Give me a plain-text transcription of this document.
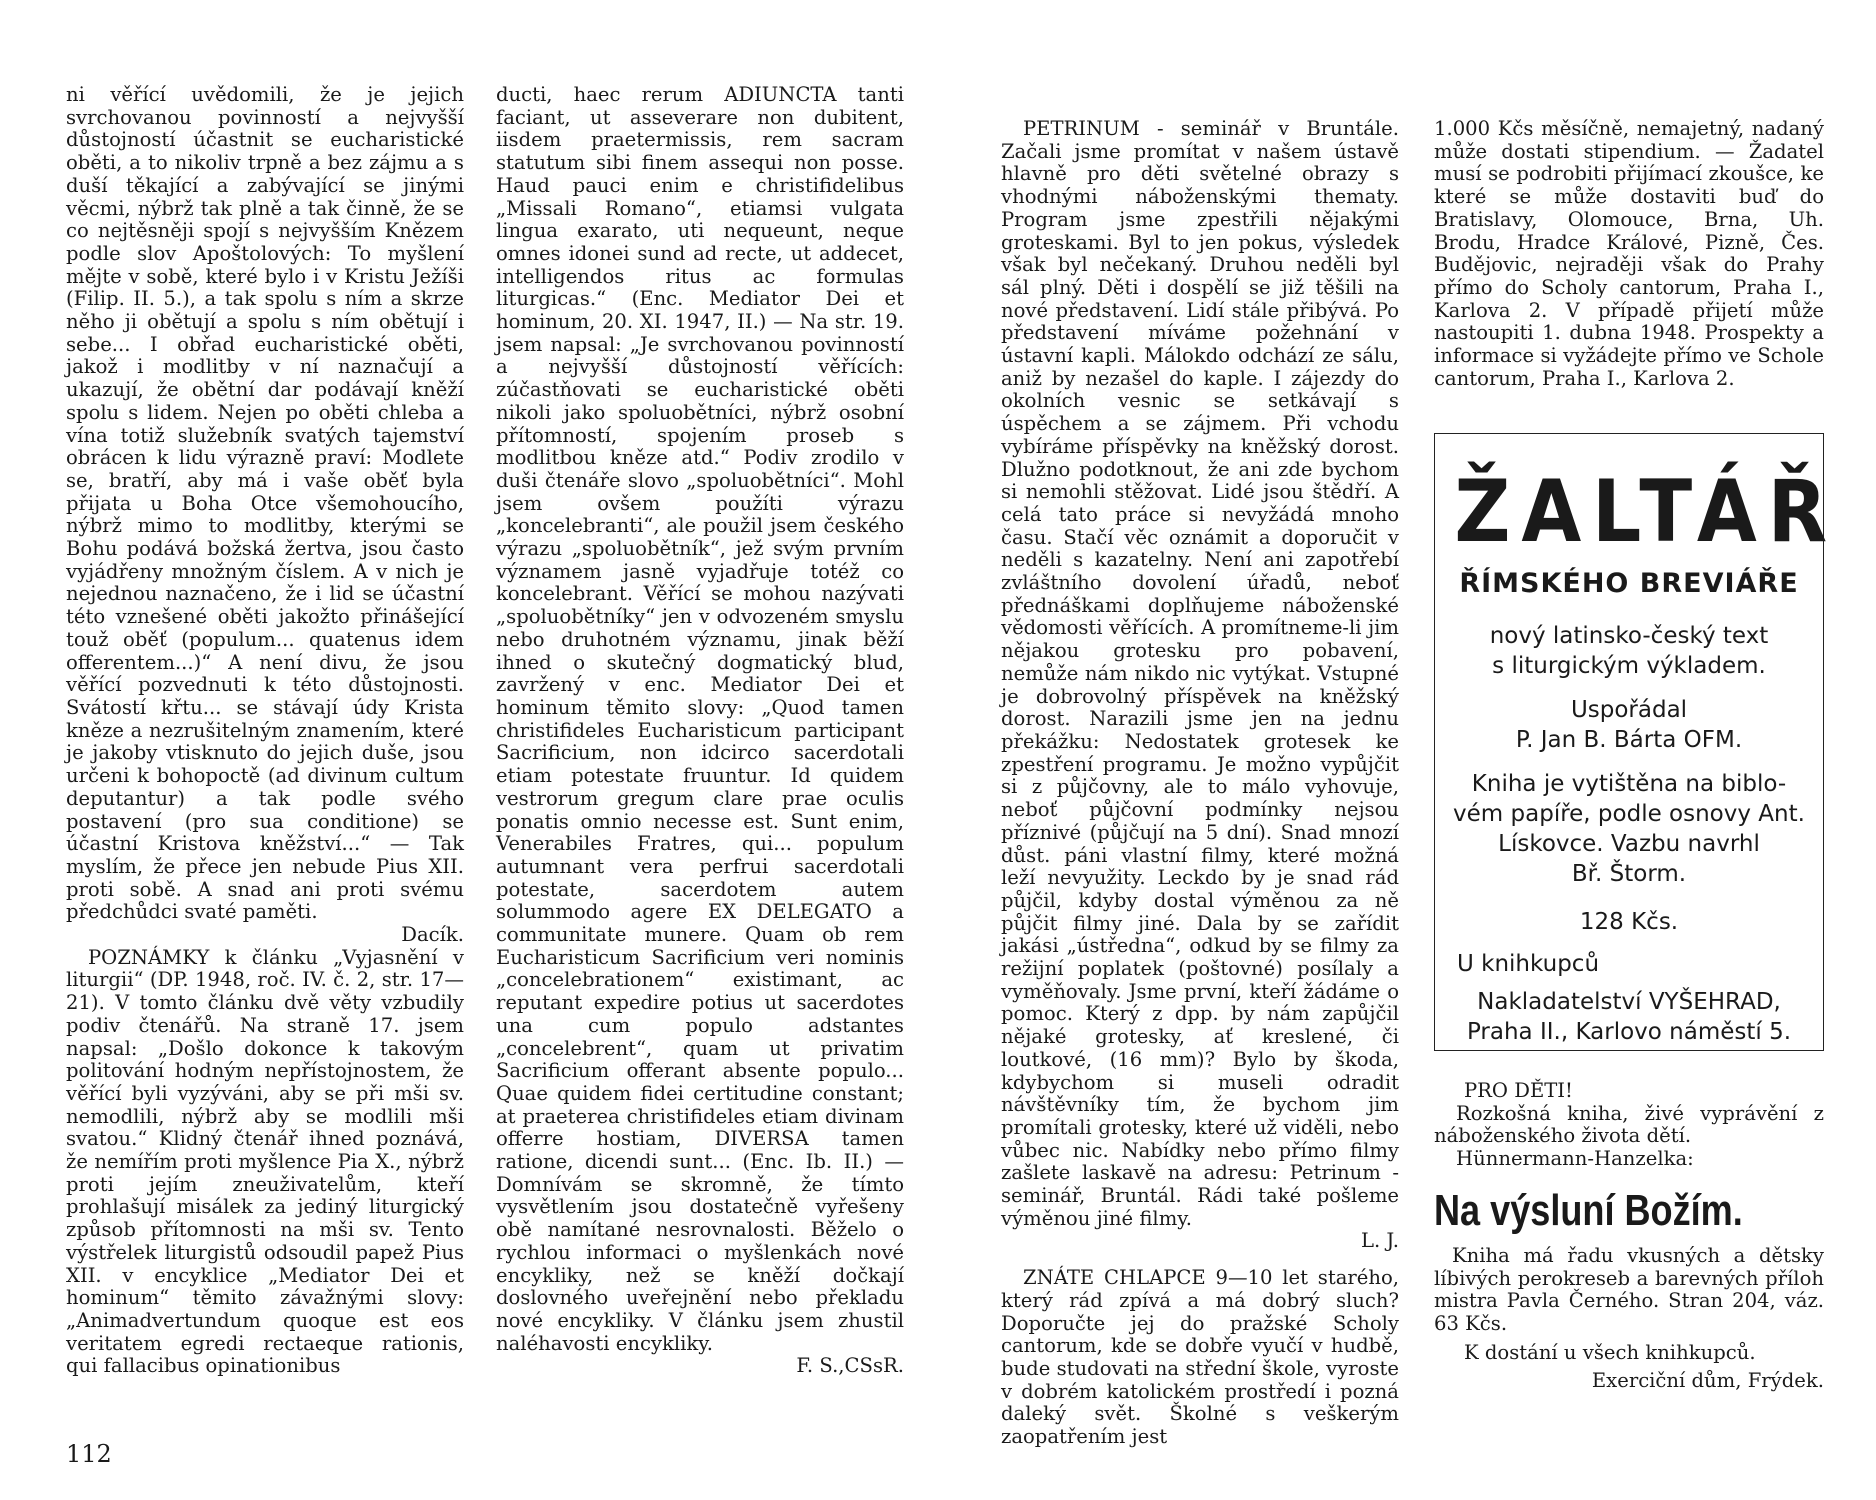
ni věřící uvědomili, že je jejich svrchovanou povinností a nejvyšší důstojností účastnit se eucharistické oběti, a to nikoliv trpně a bez zájmu a s duší těkající a zabývající se jinými věcmi, nýbrž tak plně a tak činně, že se co nejtěsněji spojí s nejvyšším Knězem podle slov Apoštolových: To myšlení mějte v sobě, které bylo i v Kristu Ježíši (Filip. II. 5.), a tak spolu s ním a skrze něho ji obětují a spolu s ním obětují i sebe... I obřad eucharistické oběti, jakož i modlitby v ní naznačují a ukazují, že obětní dar podávají kněží spolu s lidem. Nejen po oběti chleba a vína totiž služebník svatých tajemství obrácen k lidu výrazně praví: Modlete se, bratří, aby má i vaše oběť byla přijata u Boha Otce všemohoucího, nýbrž mimo to modlitby, kterými se Bohu podává božská žertva, jsou často vyjádřeny množným číslem. A v nich je nejednou naznačeno, že i lid se účastní této vznešené oběti jakožto přinášející touž oběť (populum... quatenus idem offerentem...)“ A není divu, že jsou věřící pozvednuti k této důstojnosti. Svátostí křtu... se stávají údy Krista kněze a nezrušitelným znamením, které je jakoby vtisknuto do jejich duše, jsou určeni k bohopoctě (ad divinum cultum deputantur) a tak podle svého postavení (pro sua conditione) se účastní Kristova kněžství...“ — Tak myslím, že přece jen nebude Pius XII. proti sobě. A snad ani proti svému předchůdci svaté paměti.

Dacík.

POZNÁMKY k článku „Vyjasnění v liturgii“ (DP. 1948, roč. IV. č. 2, str. 17—21). V tomto článku dvě věty vzbudily podiv čtenářů. Na straně 17. jsem napsal: „Došlo dokonce k takovým politování hodným nepřístojnostem, že věřící byli vyzýváni, aby se při mši sv. nemodlili, nýbrž aby se modlili mši svatou.“ Klidný čtenář ihned poznává, že nemířím proti myšlence Pia X., nýbrž proti jejím zneuživatelům, kteří prohlašují misálek za jediný liturgický způsob přítomnosti na mši sv. Tento výstřelek liturgistů odsoudil papež Pius XII. v encyklice „Mediator Dei et hominum“ těmito závažnými slovy: „Animadvertundum quoque est eos veritatem egredi rectaeque rationis, qui fallacibus opinationibus

ducti, haec rerum ADIUNCTA tanti faciant, ut asseverare non dubitent, iisdem praetermissis, rem sacram statutum sibi finem assequi non posse. Haud pauci enim e christifidelibus „Missali Romano“, etiamsi vulgata lingua exarato, uti nequeunt, neque omnes idonei sund ad recte, ut addecet, intelligendos ritus ac formulas liturgicas.“ (Enc. Mediator Dei et hominum, 20. XI. 1947, II.) — Na str. 19. jsem napsal: „Je svrchovanou povinností a nejvyšší důstojností věřících: zúčastňovati se eucharistické oběti nikoli jako spoluobětníci, nýbrž osobní přítomností, spojením proseb s modlitbou kněze atd.“ Podiv zrodilo v duši čtenáře slovo „spoluobětníci“. Mohl jsem ovšem použíti výrazu „koncelebranti“, ale použil jsem českého výrazu „spoluobětník“, jež svým prvním významem jasně vyjadřuje totéž co koncelebrant. Věřící se mohou nazývati „spoluobětníky“ jen v odvozeném smyslu nebo druhotném významu, jinak běží ihned o skutečný dogmatický blud, zavržený v enc. Mediator Dei et hominum těmito slovy: „Quod tamen christifideles Eucharisticum participant Sacrificium, non idcirco sacerdotali etiam potestate fruuntur. Id quidem vestrorum gregum clare prae oculis ponatis omnio necesse est. Sunt enim, Venerabiles Fratres, qui... populum autumnant vera perfrui sacerdotali potestate, sacerdotem autem solummodo agere EX DELEGATO a communitate munere. Quam ob rem Eucharisticum Sacrificium veri nominis „concelebrationem“ existimant, ac reputant expedire potius ut sacerdotes una cum populo adstantes „concelebrent“, quam ut privatim Sacrificium offerant absente populo... Quae quidem fidei certitudine constant; at praeterea christifideles etiam divinam offerre hostiam, DIVERSA tamen ratione, dicendi sunt... (Enc. Ib. II.) — Domnívám se skromně, že tímto vysvětlením jsou dostatečně vyřešeny obě namítané nesrovnalosti. Běželo o rychlou informaci o myšlenkách nové encykliky, než se kněží dočkají doslovného uveřejnění nebo překladu nové encykliky. V článku jsem zhustil naléhavosti encykliky.

F. S.,CSsR.

PETRINUM - seminář v Bruntále. Začali jsme promítat v našem ústavě hlavně pro děti světelné obrazy s vhodnými náboženskými thematy. Program jsme zpestřili nějakými groteskami. Byl to jen pokus, výsledek však byl nečekaný. Druhou neděli byl sál plný. Děti i dospělí se již těšili na nové představení. Lidí stále přibývá. Po představení míváme požehnání v ústavní kapli. Málokdo odchází ze sálu, aniž by nezašel do kaple. I zájezdy do okolních vesnic se setkávají s úspěchem a se zájmem. Při vchodu vybíráme příspěvky na kněžský dorost. Dlužno podotknout, že ani zde bychom si nemohli stěžovat. Lidé jsou štědří. A celá tato práce si nevyžádá mnoho času. Stačí věc oznámit a doporučit v neděli s kazatelny. Není ani zapotřebí zvláštního dovolení úřadů, neboť přednáškami doplňujeme náboženské vědomosti věřících. A promítneme-li jim nějakou grotesku pro pobavení, nemůže nám nikdo nic vytýkat. Vstupné je dobrovolný příspěvek na kněžský dorost. Narazili jsme jen na jednu překážku: Nedostatek grotesek ke zpestření programu. Je možno vypůjčit si z půjčovny, ale to málo vyhovuje, neboť půjčovní podmínky nejsou příznivé (půjčují na 5 dní). Snad mnozí důst. páni vlastní filmy, které možná leží nevyužity. Leckdo by je snad rád půjčil, kdyby dostal výměnou za ně půjčit filmy jiné. Dala by se zařídit jakási „ústředna“, odkud by se filmy za režijní poplatek (poštovné) posílaly a vyměňovaly. Jsme první, kteří žádáme o pomoc. Který z dpp. by nám zapůjčil nějaké grotesky, ať kreslené, či loutkové, (16 mm)? Bylo by škoda, kdybychom si museli odradit návštěvníky tím, že bychom jim promítali grotesky, které už viděli, nebo vůbec nic. Nabídky nebo přímo filmy zašlete laskavě na adresu: Petrinum - seminář, Bruntál. Rádi také pošleme výměnou jiné filmy.

L. J.

ZNÁTE CHLAPCE 9—10 let starého, který rád zpívá a má dobrý sluch? Doporučte jej do pražské Scholy cantorum, kde se dobře vyučí v hudbě, bude studovati na střední škole, vyroste v dobrém katolickém prostředí i pozná daleký svět. Školné s veškerým zaopatřením jest

1.000 Kčs měsíčně, nemajetný, nadaný může dostati stipendium. — Žadatel musí se podrobiti přijímací zkoušce, ke které se může dostaviti buď do Bratislavy, Olomouce, Brna, Uh. Brodu, Hradce Králové, Pizně, Čes. Budějovic, nejraději však do Prahy přímo do Scholy cantorum, Praha I., Karlova 2. V případě přijetí může nastoupiti 1. dubna 1948. Prospekty a informace si vyžádejte přímo ve Schole cantorum, Praha I., Karlova 2.

ŽALTÁŘ
ŘÍMSKÉHO BREVIÁŘE

nový latinsko-český text

s liturgickým výkladem.

Uspořádal

P. Jan B. Bárta OFM.

Kniha je vytištěna na biblo-

vém papíře, podle osnovy Ant.

Lískovce. Vazbu navrhl

Bř. Štorm.

128 Kčs.
U knihkupců
Nakladatelství VYŠEHRAD,
Praha II., Karlovo náměstí 5.

PRO DĚTI!

Rozkošná kniha, živé vyprávění z náboženského života dětí.

Hünnermann-Hanzelka:

Na výsluní Božím.

Kniha má řadu vkusných a dětsky líbivých perokreseb a barevných příloh mistra Pavla Černého. Stran 204, váz. 63 Kčs.

K dostání u všech knihkupců.

Exerciční dům, Frýdek.

112
